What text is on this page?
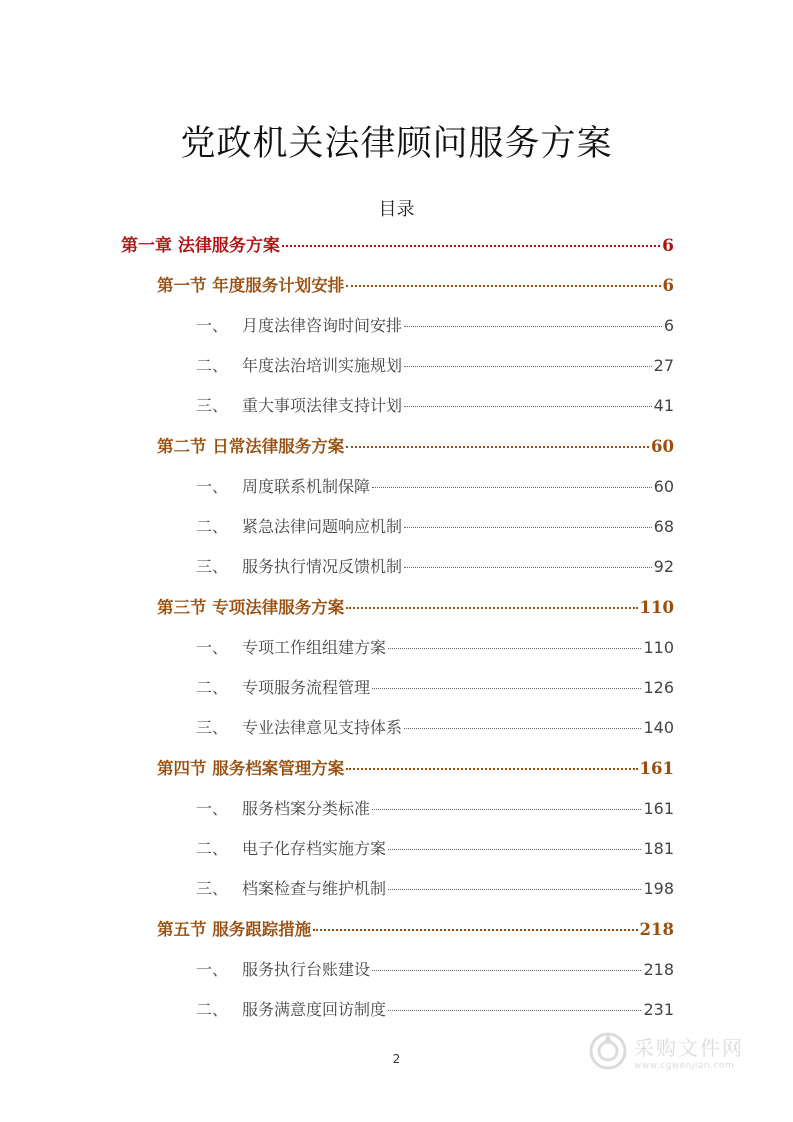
党政机关法律顾问服务方案
目录
第一章 法律服务方案	6
第一节 年度服务计划安排	6
一、 月度法律咨询时间安排	6
二、 年度法治培训实施规划	27
三、 重大事项法律支持计划	41
第二节 日常法律服务方案	60
一、 周度联系机制保障	60
二、 紧急法律问题响应机制	68
三、 服务执行情况反馈机制	92
第三节 专项法律服务方案	110
一、 专项工作组组建方案	110
二、 专项服务流程管理	126
三、 专业法律意见支持体系	140
第四节 服务档案管理方案	161
一、 服务档案分类标准	161
二、 电子化存档实施方案	181
三、 档案检查与维护机制	198
第五节 服务跟踪措施	218
一、 服务执行台账建设	218
二、 服务满意度回访制度	231
2	采购文件网
www.cgwenjian.com
